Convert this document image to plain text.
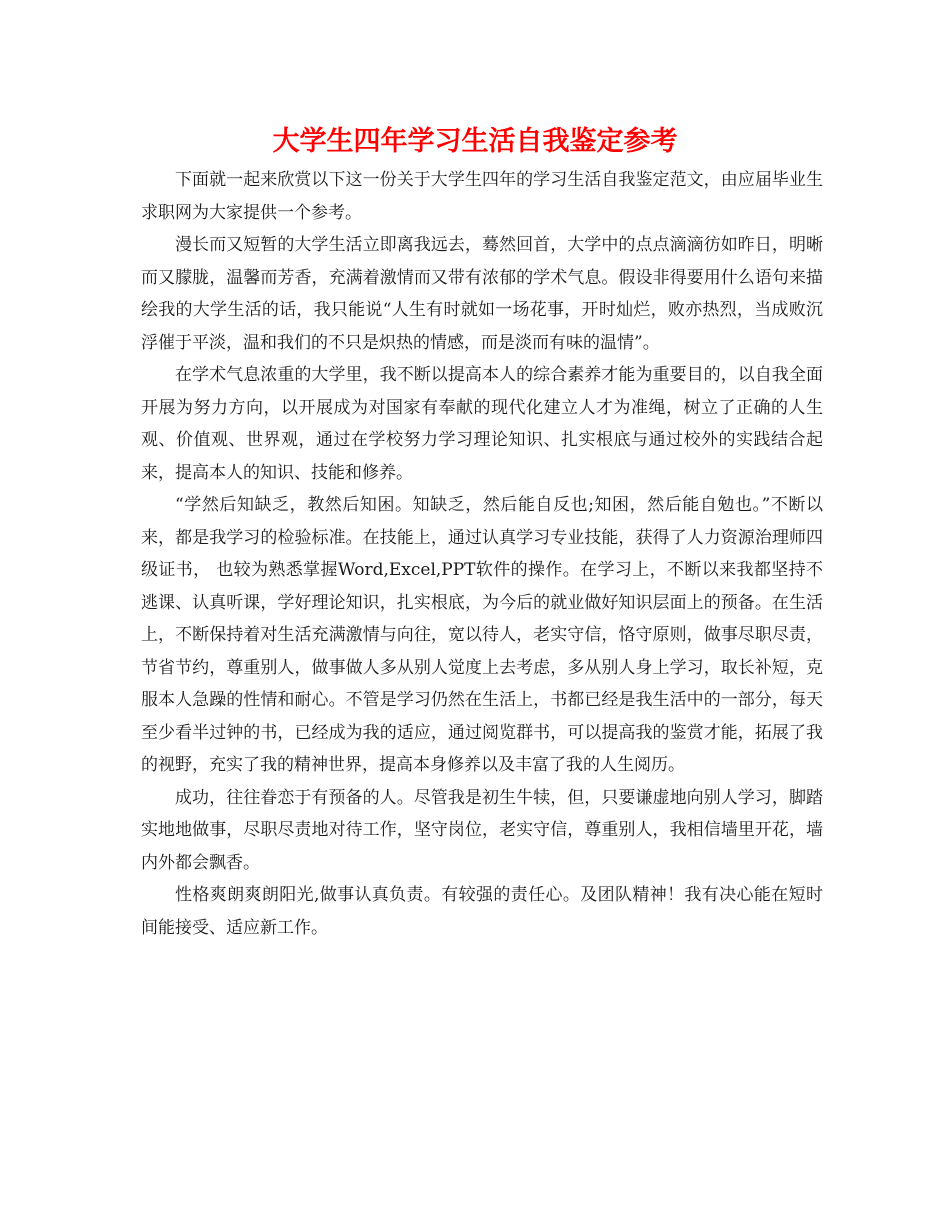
大学生四年学习生活自我鉴定参考

下面就一起来欣赏以下这一份关于大学生四年的学习生活自我鉴定范文，由应届毕业生求职网为大家提供一个参考。

漫长而又短暂的大学生活立即离我远去，蓦然回首，大学中的点点滴滴彷如昨日，明晰而又朦胧，温馨而芳香，充满着激情而又带有浓郁的学术气息。假设非得要用什么语句来描绘我的大学生活的话，我只能说“人生有时就如一场花事，开时灿烂，败亦热烈，当成败沉浮催于平淡，温和我们的不只是炽热的情感，而是淡而有味的温情”。

在学术气息浓重的大学里，我不断以提高本人的综合素养才能为重要目的，以自我全面开展为努力方向，以开展成为对国家有奉献的现代化建立人才为准绳，树立了正确的人生观、价值观、世界观，通过在学校努力学习理论知识、扎实根底与通过校外的实践结合起来，提高本人的知识、技能和修养。

“学然后知缺乏，教然后知困。知缺乏，然后能自反也;知困，然后能自勉也。”不断以来，都是我学习的检验标准。在技能上，通过认真学习专业技能，获得了人力资源治理师四级证书， 也较为熟悉掌握Word,Excel,PPT软件的操作。在学习上，不断以来我都坚持不逃课、认真听课，学好理论知识，扎实根底，为今后的就业做好知识层面上的预备。在生活上，不断保持着对生活充满激情与向往，宽以待人，老实守信，恪守原则，做事尽职尽责，节省节约，尊重别人，做事做人多从别人觉度上去考虑，多从别人身上学习，取长补短，克服本人急躁的性情和耐心。不管是学习仍然在生活上，书都已经是我生活中的一部分，每天至少看半过钟的书，已经成为我的适应，通过阅览群书，可以提高我的鉴赏才能，拓展了我的视野，充实了我的精神世界，提高本身修养以及丰富了我的人生阅历。

成功，往往眷恋于有预备的人。尽管我是初生牛犊，但，只要谦虚地向别人学习，脚踏实地地做事，尽职尽责地对待工作，坚守岗位，老实守信，尊重别人，我相信墙里开花，墙内外都会飘香。

性格爽朗爽朗阳光,做事认真负责。有较强的责任心。及团队精神！我有决心能在短时间能接受、适应新工作。
